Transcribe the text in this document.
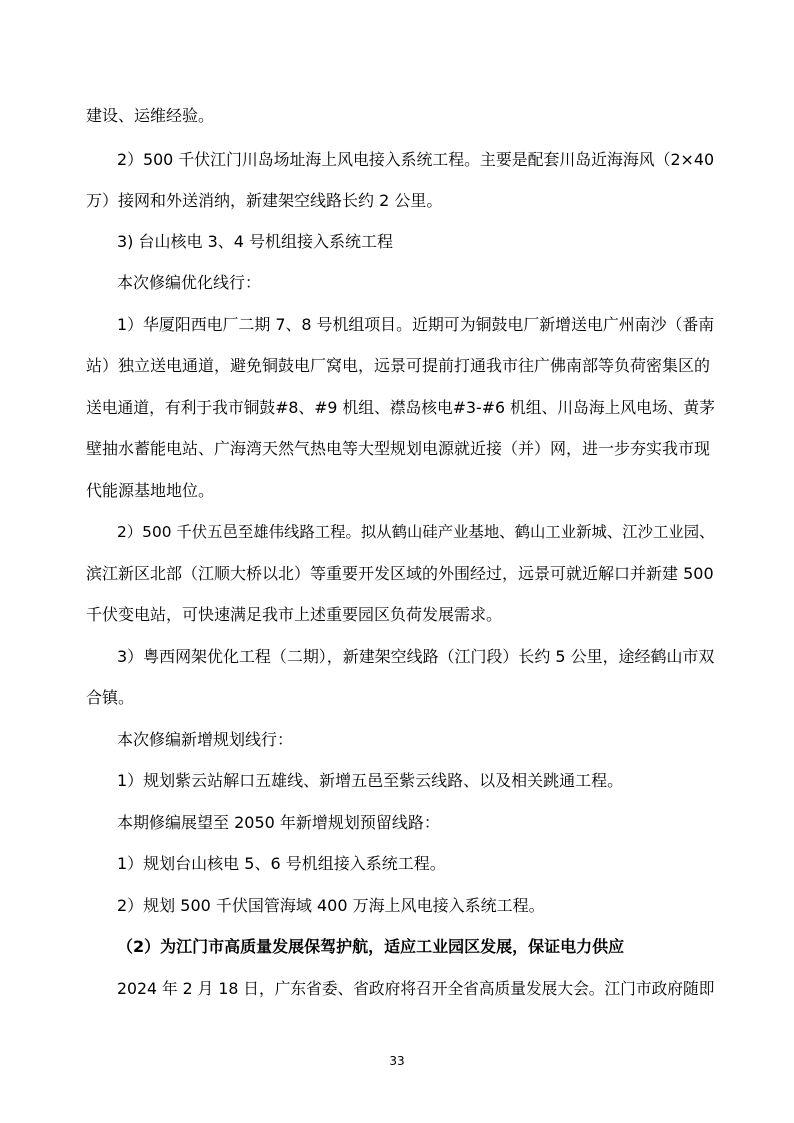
建设、运维经验。
2）500 千伏江门川岛场址海上风电接入系统工程。主要是配套川岛近海海风（2×40
万）接网和外送消纳，新建架空线路长约 2 公里。
3) 台山核电 3、4 号机组接入系统工程
本次修编优化线行：
1）华厦阳西电厂二期 7、8 号机组项目。近期可为铜鼓电厂新增送电广州南沙（番南
站）独立送电通道，避免铜鼓电厂窝电，远景可提前打通我市往广佛南部等负荷密集区的
送电通道，有利于我市铜鼓#8、#9 机组、襟岛核电#3-#6 机组、川岛海上风电场、黄茅
壁抽水蓄能电站、广海湾天然气热电等大型规划电源就近接（并）网，进一步夯实我市现
代能源基地地位。
2）500 千伏五邑至雄伟线路工程。拟从鹤山硅产业基地、鹤山工业新城、江沙工业园、
滨江新区北部（江顺大桥以北）等重要开发区域的外围经过，远景可就近解口并新建 500
千伏变电站，可快速满足我市上述重要园区负荷发展需求。
3）粤西网架优化工程（二期），新建架空线路（江门段）长约 5 公里，途经鹤山市双
合镇。
本次修编新增规划线行：
1）规划紫云站解口五雄线、新增五邑至紫云线路、以及相关跳通工程。
本期修编展望至 2050 年新增规划预留线路：
1）规划台山核电 5、6 号机组接入系统工程。
2）规划 500 千伏国管海域 400 万海上风电接入系统工程。
（2）为江门市高质量发展保驾护航，适应工业园区发展，保证电力供应
2024 年 2 月 18 日，广东省委、省政府将召开全省高质量发展大会。江门市政府随即
33
